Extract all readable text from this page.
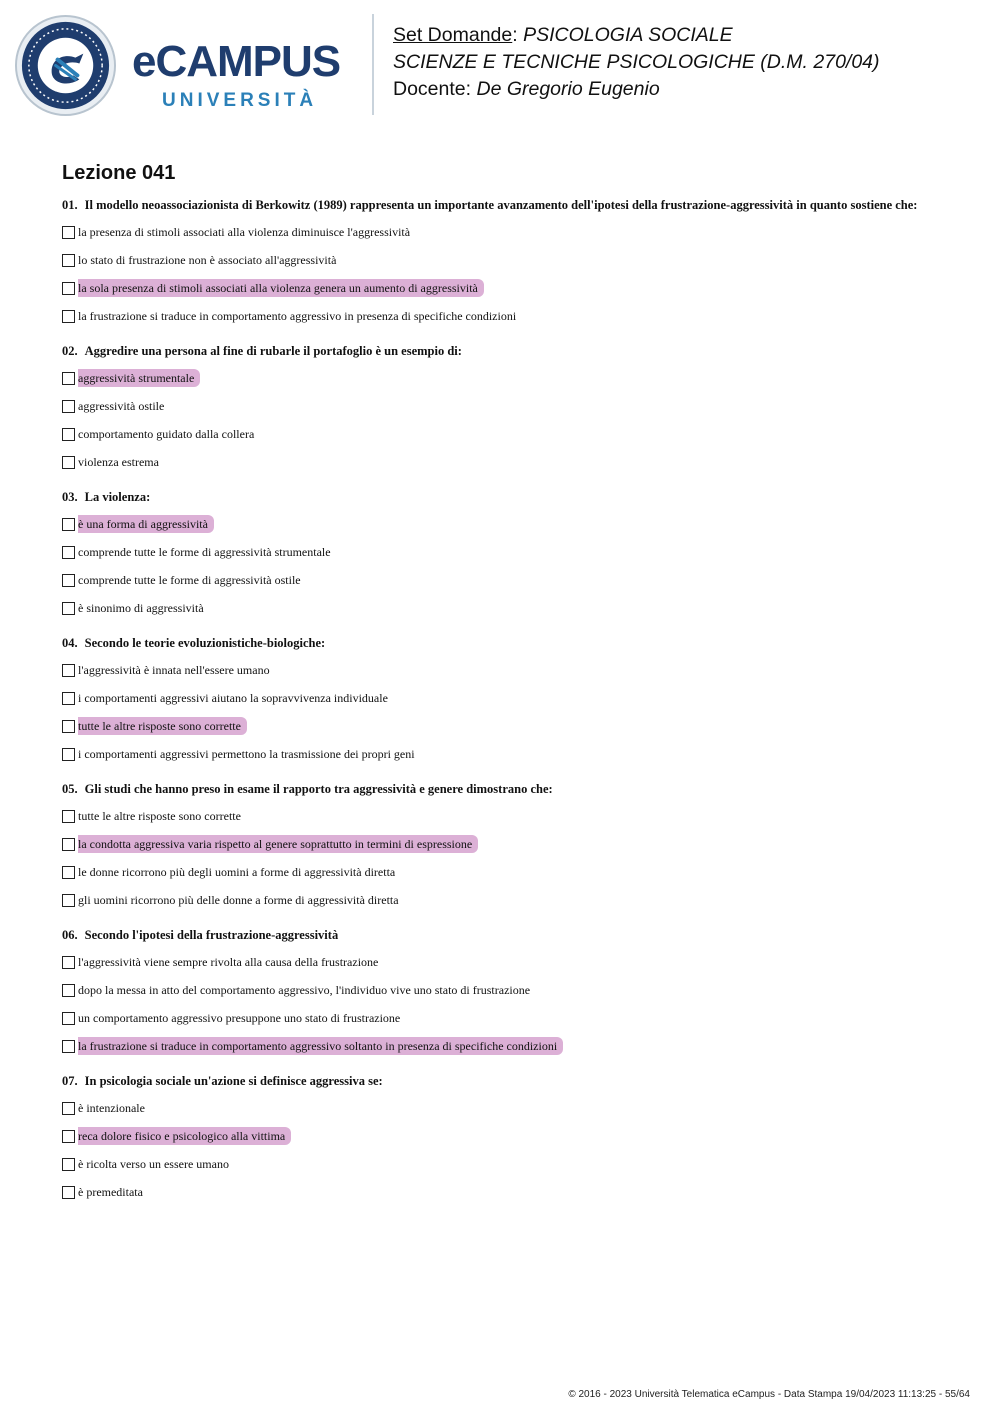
eCAMPUS
UNIVERSITÀ
Set Domande: PSICOLOGIA SOCIALE
SCIENZE E TECNICHE PSICOLOGICHE (D.M. 270/04)
Docente: De Gregorio Eugenio
Lezione 041
01. Il modello neoassociazionista di Berkowitz (1989) rappresenta un importante avanzamento dell'ipotesi della frustrazione-aggressività in quanto sostiene che:
la presenza di stimoli associati alla violenza diminuisce l'aggressività
lo stato di frustrazione non è associato all'aggressività
la sola presenza di stimoli associati alla violenza genera un aumento di aggressività
la frustrazione si traduce in comportamento aggressivo in presenza di specifiche condizioni
02. Aggredire una persona al fine di rubarle il portafoglio è un esempio di:
aggressività strumentale
aggressività ostile
comportamento guidato dalla collera
violenza estrema
03. La violenza:
è una forma di aggressività
comprende tutte le forme di aggressività strumentale
comprende tutte le forme di aggressività ostile
è sinonimo di aggressività
04. Secondo le teorie evoluzionistiche-biologiche:
l'aggressività è innata nell'essere umano
i comportamenti aggressivi aiutano la sopravvivenza individuale
tutte le altre risposte sono corrette
i comportamenti aggressivi permettono la trasmissione dei propri geni
05. Gli studi che hanno preso in esame il rapporto tra aggressività e genere dimostrano che:
tutte le altre risposte sono corrette
la condotta aggressiva varia rispetto al genere soprattutto in termini di espressione
le donne ricorrono più degli uomini a forme di aggressività diretta
gli uomini ricorrono più delle donne a forme di aggressività diretta
06. Secondo l'ipotesi della frustrazione-aggressività
l'aggressività viene sempre rivolta alla causa della frustrazione
dopo la messa in atto del comportamento aggressivo, l'individuo vive uno stato di frustrazione
un comportamento aggressivo presuppone uno stato di frustrazione
la frustrazione si traduce in comportamento aggressivo soltanto in presenza di specifiche condizioni
07. In psicologia sociale un'azione si definisce aggressiva se:
è intenzionale
reca dolore fisico e psicologico alla vittima
è ricolta verso un essere umano
è premeditata
© 2016 - 2023 Università Telematica eCampus - Data Stampa 19/04/2023 11:13:25 - 55/64
